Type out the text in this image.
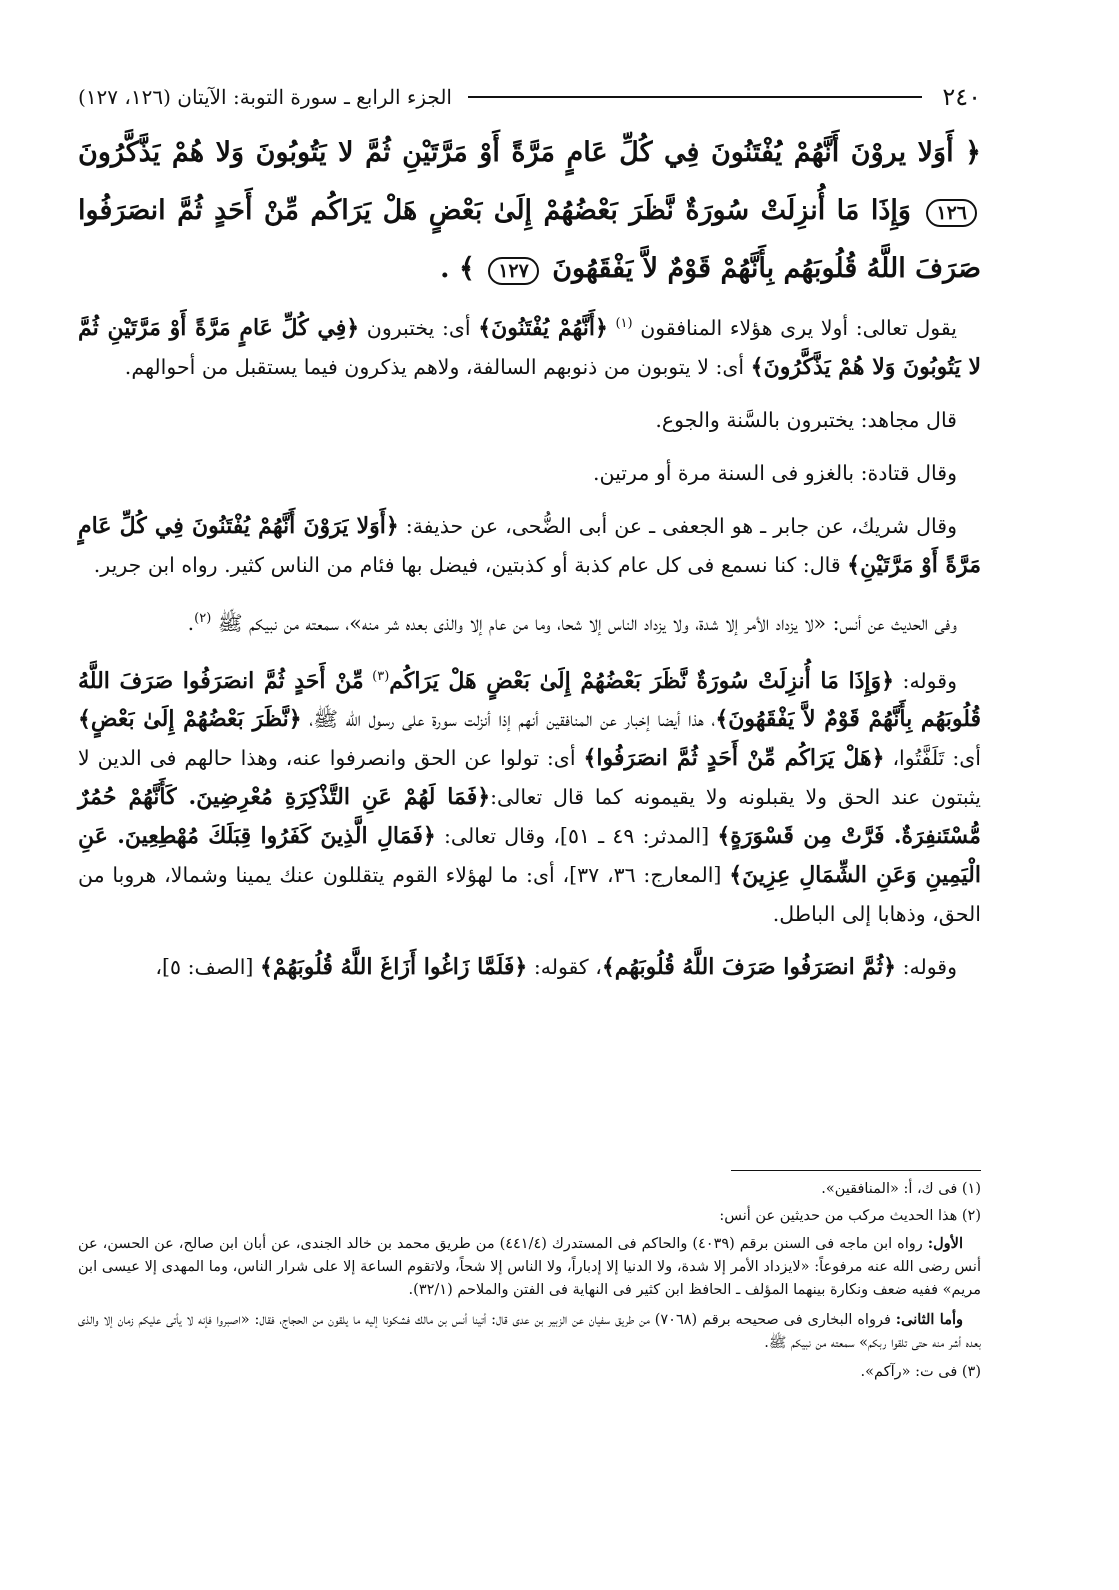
٢٤٠
الجزء الرابع ـ سورة التوبة: الآيتان (١٢٦، ١٢٧)

﴿ أَوَلا يروْنَ أَنَّهُمْ يُفْتَنُونَ فِي كُلِّ عَامٍ مَرَّةً أَوْ مَرَّتَيْنِ ثُمَّ لا يَتُوبُونَ وَلا هُمْ يَذَّكَّرُونَ ١٢٦ وَإِذَا مَا أُنزِلَتْ سُورَةٌ نَّظَرَ بَعْضُهُمْ إِلَىٰ بَعْضٍ هَلْ يَرَاكُم مِّنْ أَحَدٍ ثُمَّ انصَرَفُوا صَرَفَ اللَّهُ قُلُوبَهُم بِأَنَّهُمْ قَوْمٌ لاَّ يَفْقَهُونَ ١٢٧ ﴾ .

يقول تعالى: أولا يرى هؤلاء المنافقون $^{(١)}$ ﴿أَنَّهُمْ يُفْتَنُونَ﴾ أى: يختبرون ﴿فِي كُلِّ عَامٍ مَرَّةً أَوْ مَرَّتَيْنِ ثُمَّ لا يَتُوبُونَ وَلا هُمْ يَذَّكَّرُونَ﴾ أى: لا يتوبون من ذنوبهم السالفة، ولاهم يذكرون فيما يستقبل من أحوالهم.

قال مجاهد: يختبرون بالسَّنة والجوع.

وقال قتادة: بالغزو فى السنة مرة أو مرتين.

وقال شريك، عن جابر ـ هو الجعفى ـ عن أبى الضُّحى، عن حذيفة: ﴿أَوَلا يَرَوْنَ أَنَّهُمْ يُفْتَنُونَ فِي كُلِّ عَامٍ مَرَّةً أَوْ مَرَّتَيْنِ﴾ قال: كنا نسمع فى كل عام كذبة أو كذبتين، فيضل بها فئام من الناس كثير. رواه ابن جرير.

وفى الحديث عن أنس: «لا يزداد الأمر إلا شدة، ولا يزداد الناس إلا شحا، وما من عام إلا والذى بعده شر منه»، سمعته من نبيكم ﷺ $^{(٢)}$.

وقوله: ﴿وَإِذَا مَا أُنزِلَتْ سُورَةٌ نَّظَرَ بَعْضُهُمْ إِلَىٰ بَعْضٍ هَلْ يَرَاكُم$^{(٣)}$ مِّنْ أَحَدٍ ثُمَّ انصَرَفُوا صَرَفَ اللَّهُ قُلُوبَهُم بِأَنَّهُمْ قَوْمٌ لاَّ يَفْقَهُونَ﴾، هذا أيضا إخبار عن المنافقين أنهم إذا أنزلت سورة على رسول الله ﷺ، ﴿نَّظَرَ بَعْضُهُمْ إِلَىٰ بَعْضٍ﴾ أى: تَلَفَّتُوا، ﴿هَلْ يَرَاكُم مِّنْ أَحَدٍ ثُمَّ انصَرَفُوا﴾ أى: تولوا عن الحق وانصرفوا عنه، وهذا حالهم فى الدين لا يثبتون عند الحق ولا يقبلونه ولا يقيمونه كما قال تعالى:﴿فَمَا لَهُمْ عَنِ التَّذْكِرَةِ مُعْرِضِينَ. كَأَنَّهُمْ حُمُرٌ مُّسْتَنفِرَةٌ. فَرَّتْ مِن قَسْوَرَةٍ﴾ [المدثر: ٤٩ ـ ٥١]، وقال تعالى: ﴿فَمَالِ الَّذِينَ كَفَرُوا قِبَلَكَ مُهْطِعِينَ. عَنِ الْيَمِينِ وَعَنِ الشِّمَالِ عِزِينَ﴾ [المعارج: ٣٦، ٣٧]، أى: ما لهؤلاء القوم يتقللون عنك يمينا وشمالا، هروبا من الحق، وذهابا إلى الباطل.

وقوله: ﴿ثُمَّ انصَرَفُوا صَرَفَ اللَّهُ قُلُوبَهُم﴾، كقوله: ﴿فَلَمَّا زَاغُوا أَزَاغَ اللَّهُ قُلُوبَهُمْ﴾ [الصف: ٥]،

(١) فى ك، أ: «المنافقين».

(٢) هذا الحديث مركب من حديثين عن أنس:

الأول: رواه ابن ماجه فى السنن برقم (٤٠٣٩) والحاكم فى المستدرك (٤٤١/٤) من طريق محمد بن خالد الجندى، عن أبان ابن صالح، عن الحسن، عن أنس رضى الله عنه مرفوعاً: «لايزداد الأمر إلا شدة، ولا الدنيا إلا إدباراً، ولا الناس إلا شحاً، ولاتقوم الساعة إلا على شرار الناس، وما المهدى إلا عيسى ابن مريم» ففيه ضعف ونكارة بينهما المؤلف ـ الحافظ ابن كثير فى النهاية فى الفتن والملاحم (٣٢/١).

وأما الثانى: فرواه البخارى فى صحيحه برقم (٧٠٦٨) من طريق سفيان عن الزبير بن عدى قال: أتينا أنس بن مالك فشكونا إليه ما يلقون من الحجاج، فقال: «اصبروا فإنه لا يأتى عليكم زمان إلا والذى بعده أشر منه حتى تلقوا ربكم» سمعته من نبيكم ﷺ.

(٣) فى ت: «رآكم».
